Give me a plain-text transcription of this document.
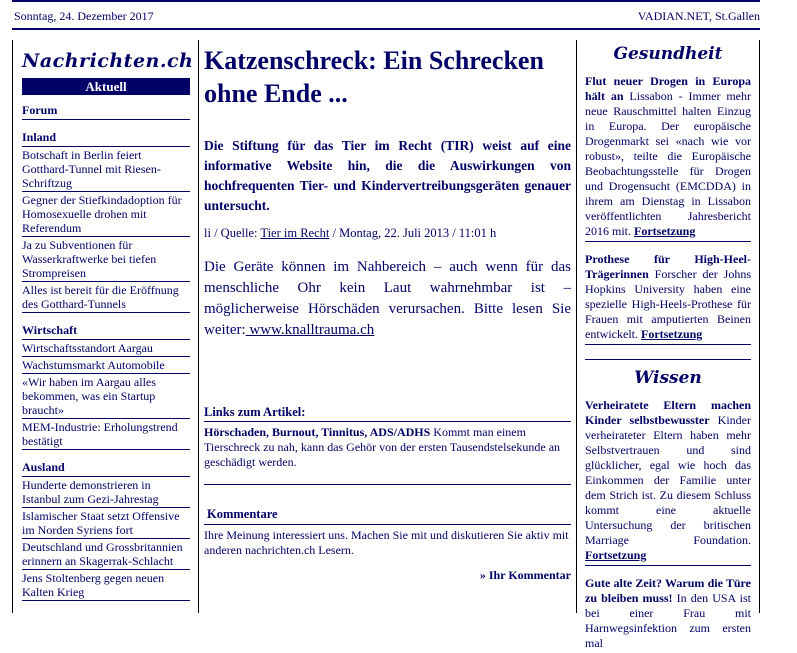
Sonntag, 24. Dezember 2017	VADIAN.NET, St.Gallen
Nachrichten.ch
Aktuell
Forum
Inland
Botschaft in Berlin feiert Gotthard-Tunnel mit Riesen-Schriftzug
Gegner der Stiefkindadoption für Homosexuelle drohen mit Referendum
Ja zu Subventionen für Wasserkraftwerke bei tiefen Strompreisen
Alles ist bereit für die Eröffnung des Gotthard-Tunnels
Wirtschaft
Wirtschaftsstandort Aargau
Wachstumsmarkt Automobile
«Wir haben im Aargau alles bekommen, was ein Startup braucht»
MEM-Industrie: Erholungstrend bestätigt
Ausland
Hunderte demonstrieren in Istanbul zum Gezi-Jahrestag
Islamischer Staat setzt Offensive im Norden Syriens fort
Deutschland und Grossbritannien erinnern an Skagerrak-Schlacht
Jens Stoltenberg gegen neuen Kalten Krieg
Katzenschreck: Ein Schrecken ohne Ende ...
Die Stiftung für das Tier im Recht (TIR) weist auf eine informative Website hin, die die Auswirkungen von hochfrequenten Tier- und Kindervertreibungsgeräten genauer untersucht.
li / Quelle: Tier im Recht / Montag, 22. Juli 2013 / 11:01 h
Die Geräte können im Nahbereich – auch wenn für das menschliche Ohr kein Laut wahrnehmbar ist – möglicherweise Hörschäden verursachen. Bitte lesen Sie weiter: www.knalltrauma.ch
Links zum Artikel:
Hörschaden, Burnout, Tinnitus, ADS/ADHS Kommt man einem Tierschreck zu nah, kann das Gehör von der ersten Tausendstelsekunde an geschädigt werden.
Kommentare
Ihre Meinung interessiert uns. Machen Sie mit und diskutieren Sie aktiv mit anderen nachrichten.ch Lesern.
» Ihr Kommentar
Gesundheit
Flut neuer Drogen in Europa hält an Lissabon - Immer mehr neue Rauschmittel halten Einzug in Europa. Der europäische Drogenmarkt sei «nach wie vor robust», teilte die Europäische Beobachtungsstelle für Drogen und Drogensucht (EMCDDA) in ihrem am Dienstag in Lissabon veröffentlichten Jahresbericht 2016 mit. Fortsetzung
Prothese für High-Heel-Trägerinnen Forscher der Johns Hopkins University haben eine spezielle High-Heels-Prothese für Frauen mit amputierten Beinen entwickelt. Fortsetzung
Wissen
Verheiratete Eltern machen Kinder selbstbewusster Kinder verheirateter Eltern haben mehr Selbstvertrauen und sind glücklicher, egal wie hoch das Einkommen der Familie unter dem Strich ist. Zu diesem Schluss kommt eine aktuelle Untersuchung der britischen Marriage Foundation. Fortsetzung
Gute alte Zeit? Warum die Türe zu bleiben muss! In den USA ist bei einer Frau mit Harnwegsinfektion zum ersten mal
